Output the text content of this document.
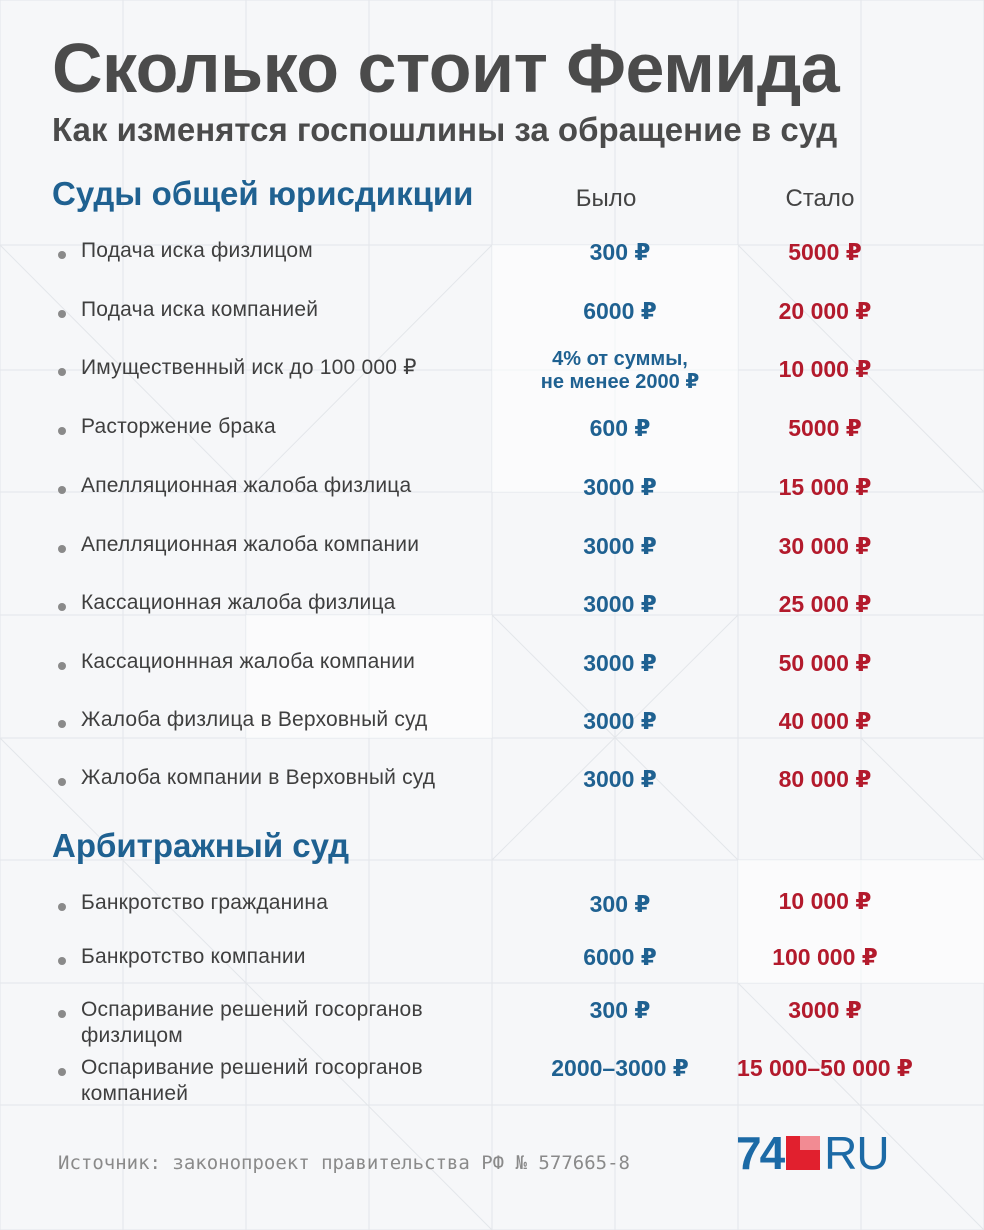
Сколько стоит Фемида
Как изменятся госпошлины за обращение в суд
Суды общей юрисдикции	Было	Стало
Подача иска физлицом	300 ₽	5000 ₽
Подача иска компанией	6000 ₽	20 000 ₽
Имущественный иск до 100 000 ₽	4% от суммы,
не менее 2000 ₽	10 000 ₽
Расторжение брака	600 ₽	5000 ₽
Апелляционная жалоба физлица	3000 ₽	15 000 ₽
Апелляционная жалоба компании	3000 ₽	30 000 ₽
Кассационная жалоба физлица	3000 ₽	25 000 ₽
Кассационнная жалоба компании	3000 ₽	50 000 ₽
Жалоба физлица в Верховный суд	3000 ₽	40 000 ₽
Жалоба компании в Верховный суд	3000 ₽	80 000 ₽
Арбитражный суд
Банкротство гражданина	300 ₽	10 000 ₽
Банкротство компании	6000 ₽	100 000 ₽
Оспаривание решений госорганов
физлицом
300 ₽	3000 ₽
Оспаривание решений госорганов
компанией
2000–3000 ₽	15 000–50 000 ₽
Источник: законопроект правительства РФ № 577665-8 74 RU
